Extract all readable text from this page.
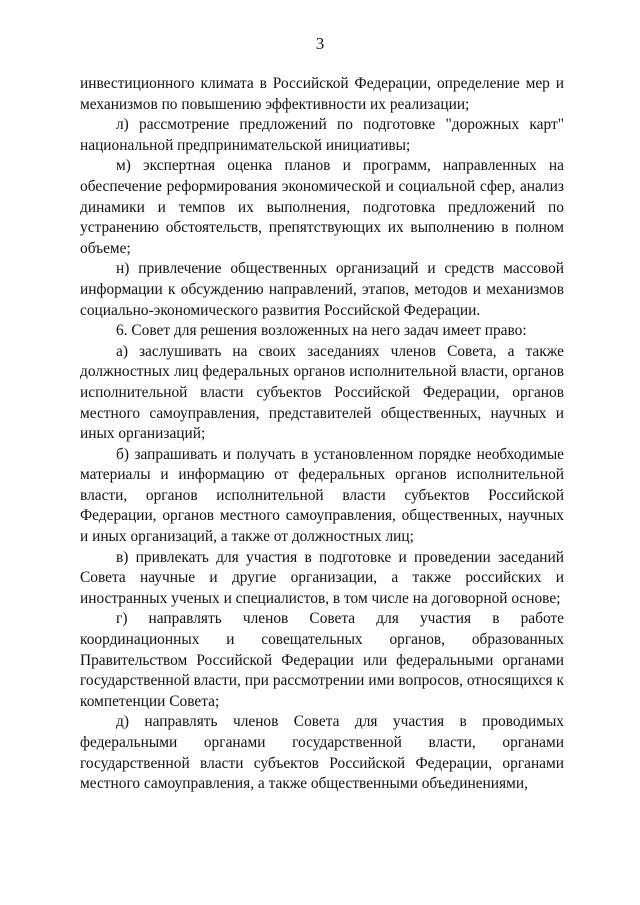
3

инвестиционного климата в Российской Федерации, определение мер и механизмов по повышению эффективности их реализации;

л) рассмотрение предложений по подготовке "дорожных карт" национальной предпринимательской инициативы;

м) экспертная оценка планов и программ, направленных на обеспечение реформирования экономической и социальной сфер, анализ динамики и темпов их выполнения, подготовка предложений по устранению обстоятельств, препятствующих их выполнению в полном объеме;

н) привлечение общественных организаций и средств массовой информации к обсуждению направлений, этапов, методов и механизмов социально-экономического развития Российской Федерации.

6. Совет для решения возложенных на него задач имеет право:

а) заслушивать на своих заседаниях членов Совета, а также должностных лиц федеральных органов исполнительной власти, органов исполнительной власти субъектов Российской Федерации, органов местного самоуправления, представителей общественных, научных и иных организаций;

б) запрашивать и получать в установленном порядке необходимые материалы и информацию от федеральных органов исполнительной власти, органов исполнительной власти субъектов Российской Федерации, органов местного самоуправления, общественных, научных и иных организаций, а также от должностных лиц;

в) привлекать для участия в подготовке и проведении заседаний Совета научные и другие организации, а также российских и иностранных ученых и специалистов, в том числе на договорной основе;

г) направлять членов Совета для участия в работе координационных и совещательных органов, образованных Правительством Российской Федерации или федеральными органами государственной власти, при рассмотрении ими вопросов, относящихся к компетенции Совета;

д) направлять членов Совета для участия в проводимых федеральными органами государственной власти, органами государственной власти субъектов Российской Федерации, органами местного самоуправления, а также общественными объединениями,
